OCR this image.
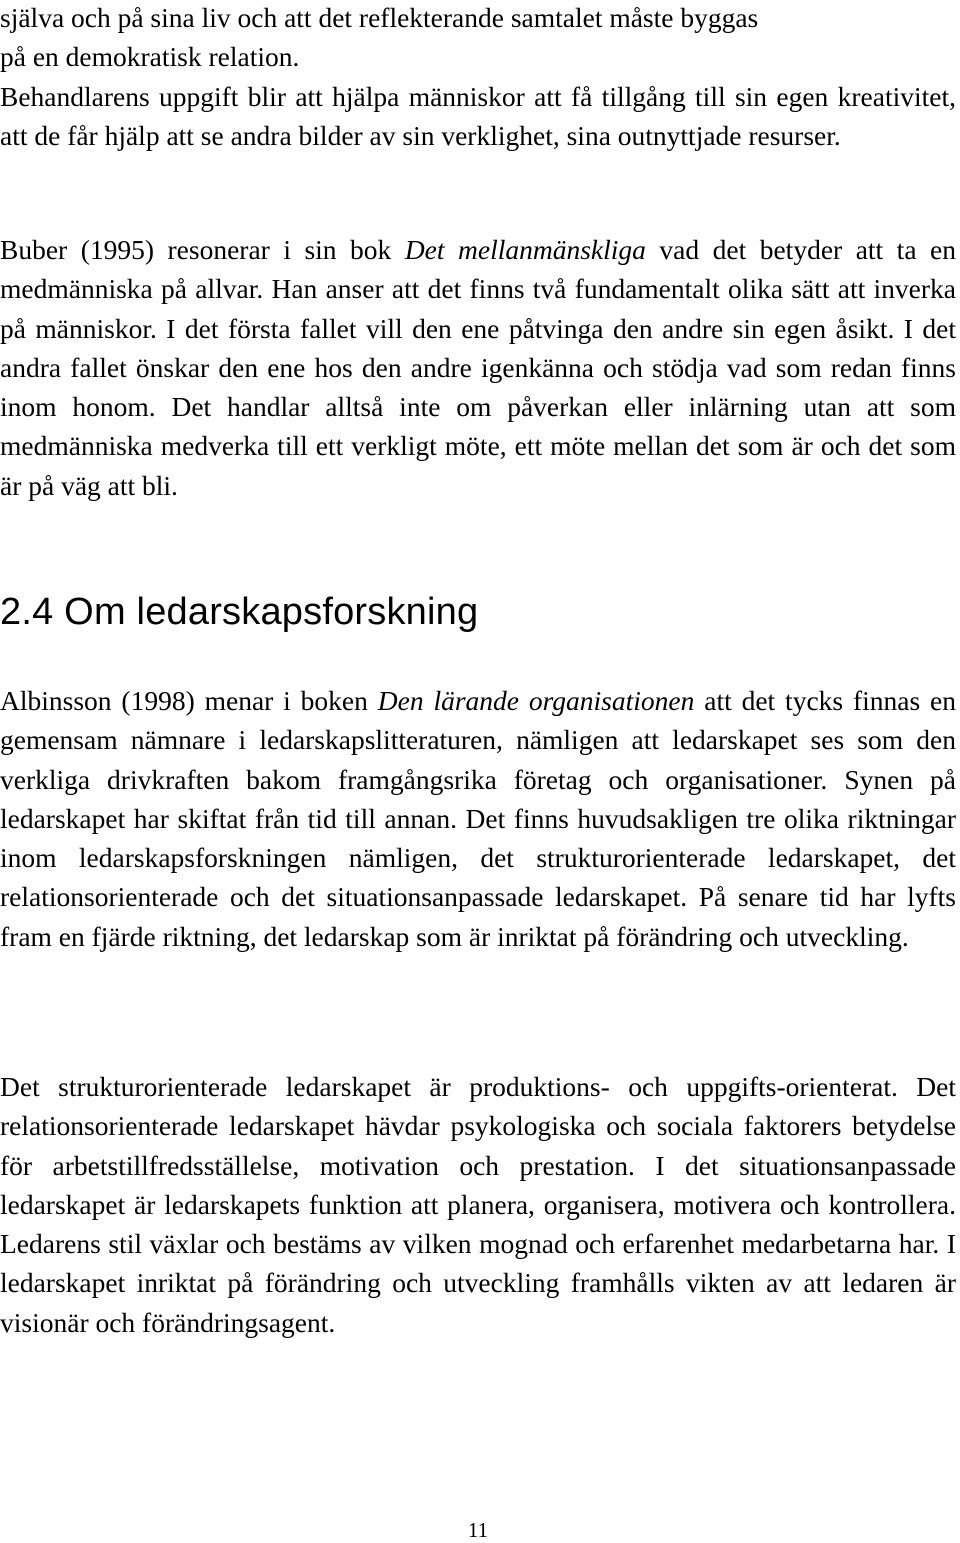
själva och på sina liv och att det reflekterande samtalet måste byggas
på en demokratisk relation.
Behandlarens uppgift blir att hjälpa människor att få tillgång till sin egen kreativitet, att de får hjälp att se andra bilder av sin verklighet, sina outnyttjade resurser.

Buber (1995) resonerar i sin bok Det mellanmänskliga vad det betyder att ta en medmänniska på allvar. Han anser att det finns två fundamentalt olika sätt att inverka på människor. I det första fallet vill den ene påtvinga den andre sin egen åsikt. I det andra fallet önskar den ene hos den andre igenkänna och stödja vad som redan finns inom honom. Det handlar alltså inte om påverkan eller inlärning utan att som medmänniska medverka till ett verkligt möte, ett möte mellan det som är och det som är på väg att bli.

2.4 Om ledarskapsforskning

Albinsson (1998) menar i boken Den lärande organisationen att det tycks finnas en gemensam nämnare i ledarskapslitteraturen, nämligen att ledarskapet ses som den verkliga drivkraften bakom framgångsrika företag och organisationer. Synen på ledarskapet har skiftat från tid till annan. Det finns huvudsakligen tre olika riktningar inom ledarskapsforskningen nämligen, det strukturorienterade ledarskapet, det relationsorienterade och det situationsanpassade ledarskapet. På senare tid har lyfts fram en fjärde riktning, det ledarskap som är inriktat på förändring och utveckling.

Det strukturorienterade ledarskapet är produktions- och uppgifts-orienterat. Det relationsorienterade ledarskapet hävdar psykologiska och sociala faktorers betydelse för arbetstillfredsställelse, motivation och prestation. I det situationsanpassade ledarskapet är ledarskapets funktion att planera, organisera, motivera och kontrollera. Ledarens stil växlar och bestäms av vilken mognad och erfarenhet medarbetarna har. I ledarskapet inriktat på förändring och utveckling framhålls vikten av att ledaren är visionär och förändringsagent.

11
